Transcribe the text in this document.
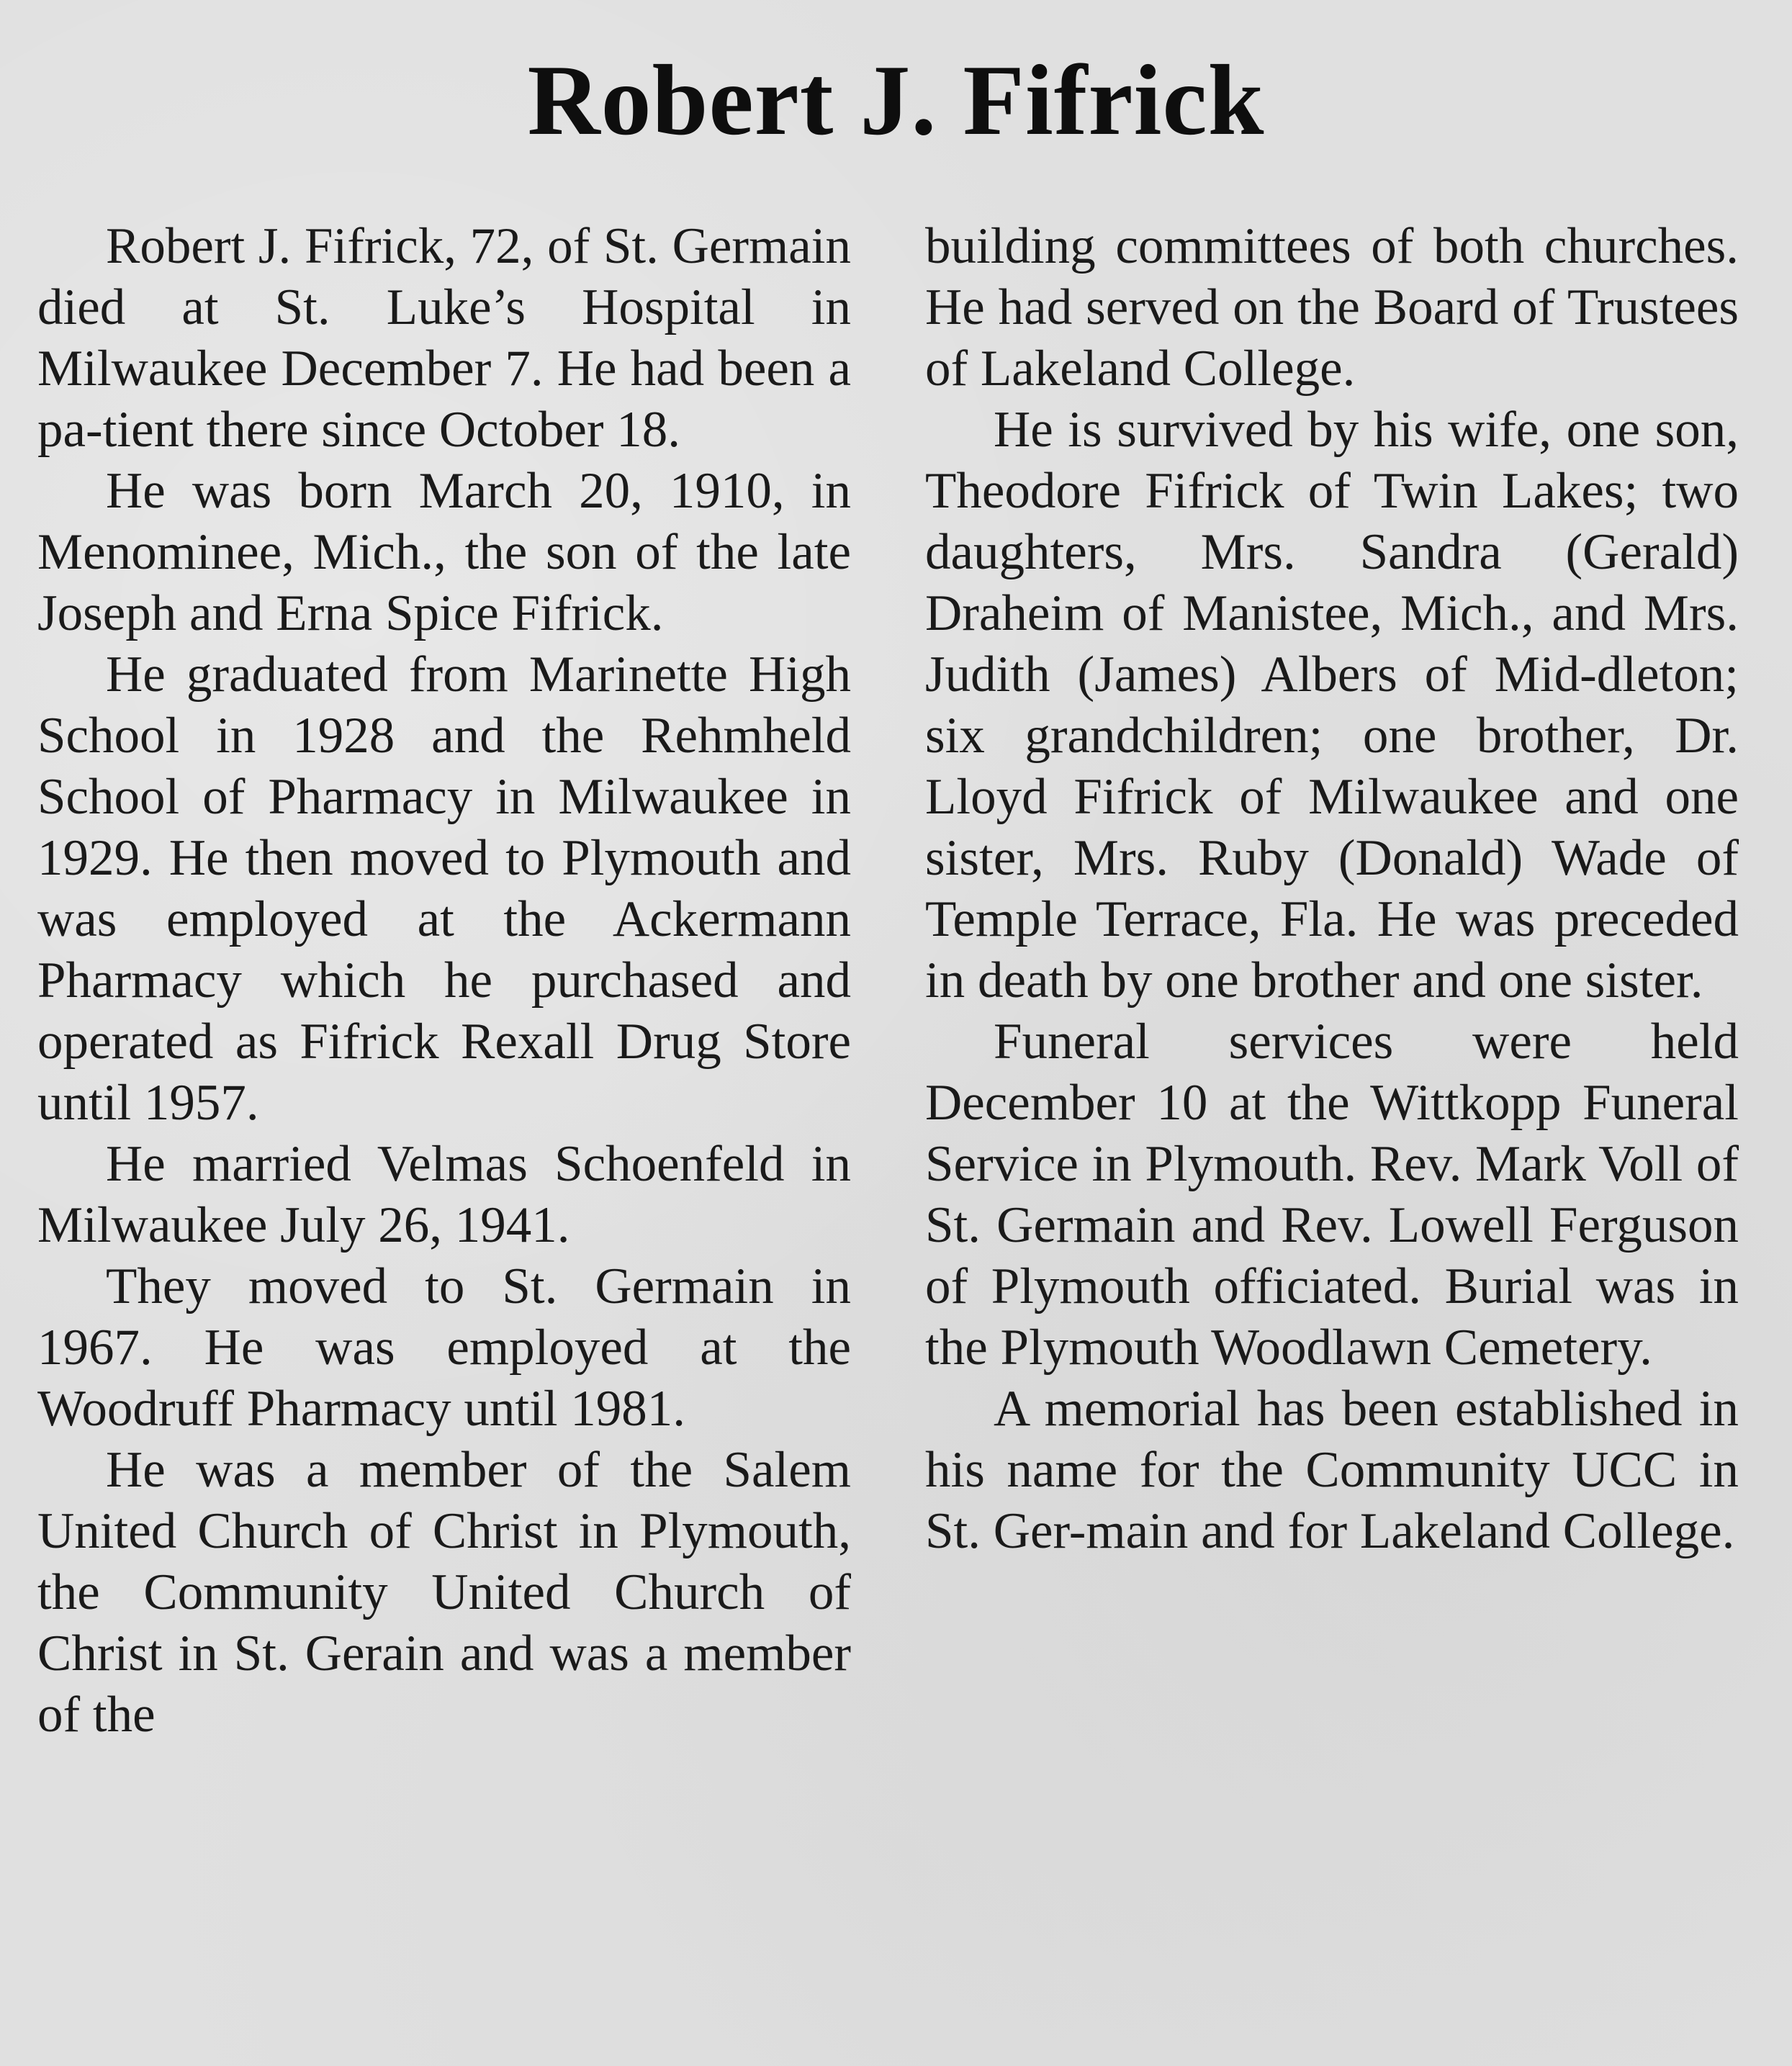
Robert J. Fifrick

Robert J. Fifrick, 72, of St. Germain died at St. Luke’s Hospital in Milwaukee December 7. He had been a pa-tient there since October 18.

He was born March 20, 1910, in Menominee, Mich., the son of the late Joseph and Erna Spice Fifrick.

He graduated from Marinette High School in 1928 and the Rehmheld School of Pharmacy in Milwaukee in 1929. He then moved to Plymouth and was employed at the Ackermann Pharmacy which he purchased and operated as Fifrick Rexall Drug Store until 1957.

He married Velmas Schoenfeld in Milwaukee July 26, 1941.

They moved to St. Germain in 1967. He was employed at the Woodruff Pharmacy until 1981.

He was a member of the Salem United Church of Christ in Plymouth, the Community United Church of Christ in St. Gerain and was a member of the

building committees of both churches. He had served on the Board of Trustees of Lakeland College.

He is survived by his wife, one son, Theodore Fifrick of Twin Lakes; two daughters, Mrs. Sandra (Gerald) Draheim of Manistee, Mich., and Mrs. Judith (James) Albers of Mid-dleton; six grandchildren; one brother, Dr. Lloyd Fifrick of Milwaukee and one sister, Mrs. Ruby (Donald) Wade of Temple Terrace, Fla. He was preceded in death by one brother and one sister.

Funeral services were held December 10 at the Wittkopp Funeral Service in Plymouth. Rev. Mark Voll of St. Germain and Rev. Lowell Ferguson of Plymouth officiated. Burial was in the Plymouth Woodlawn Cemetery.

A memorial has been established in his name for the Community UCC in St. Ger-main and for Lakeland College.
